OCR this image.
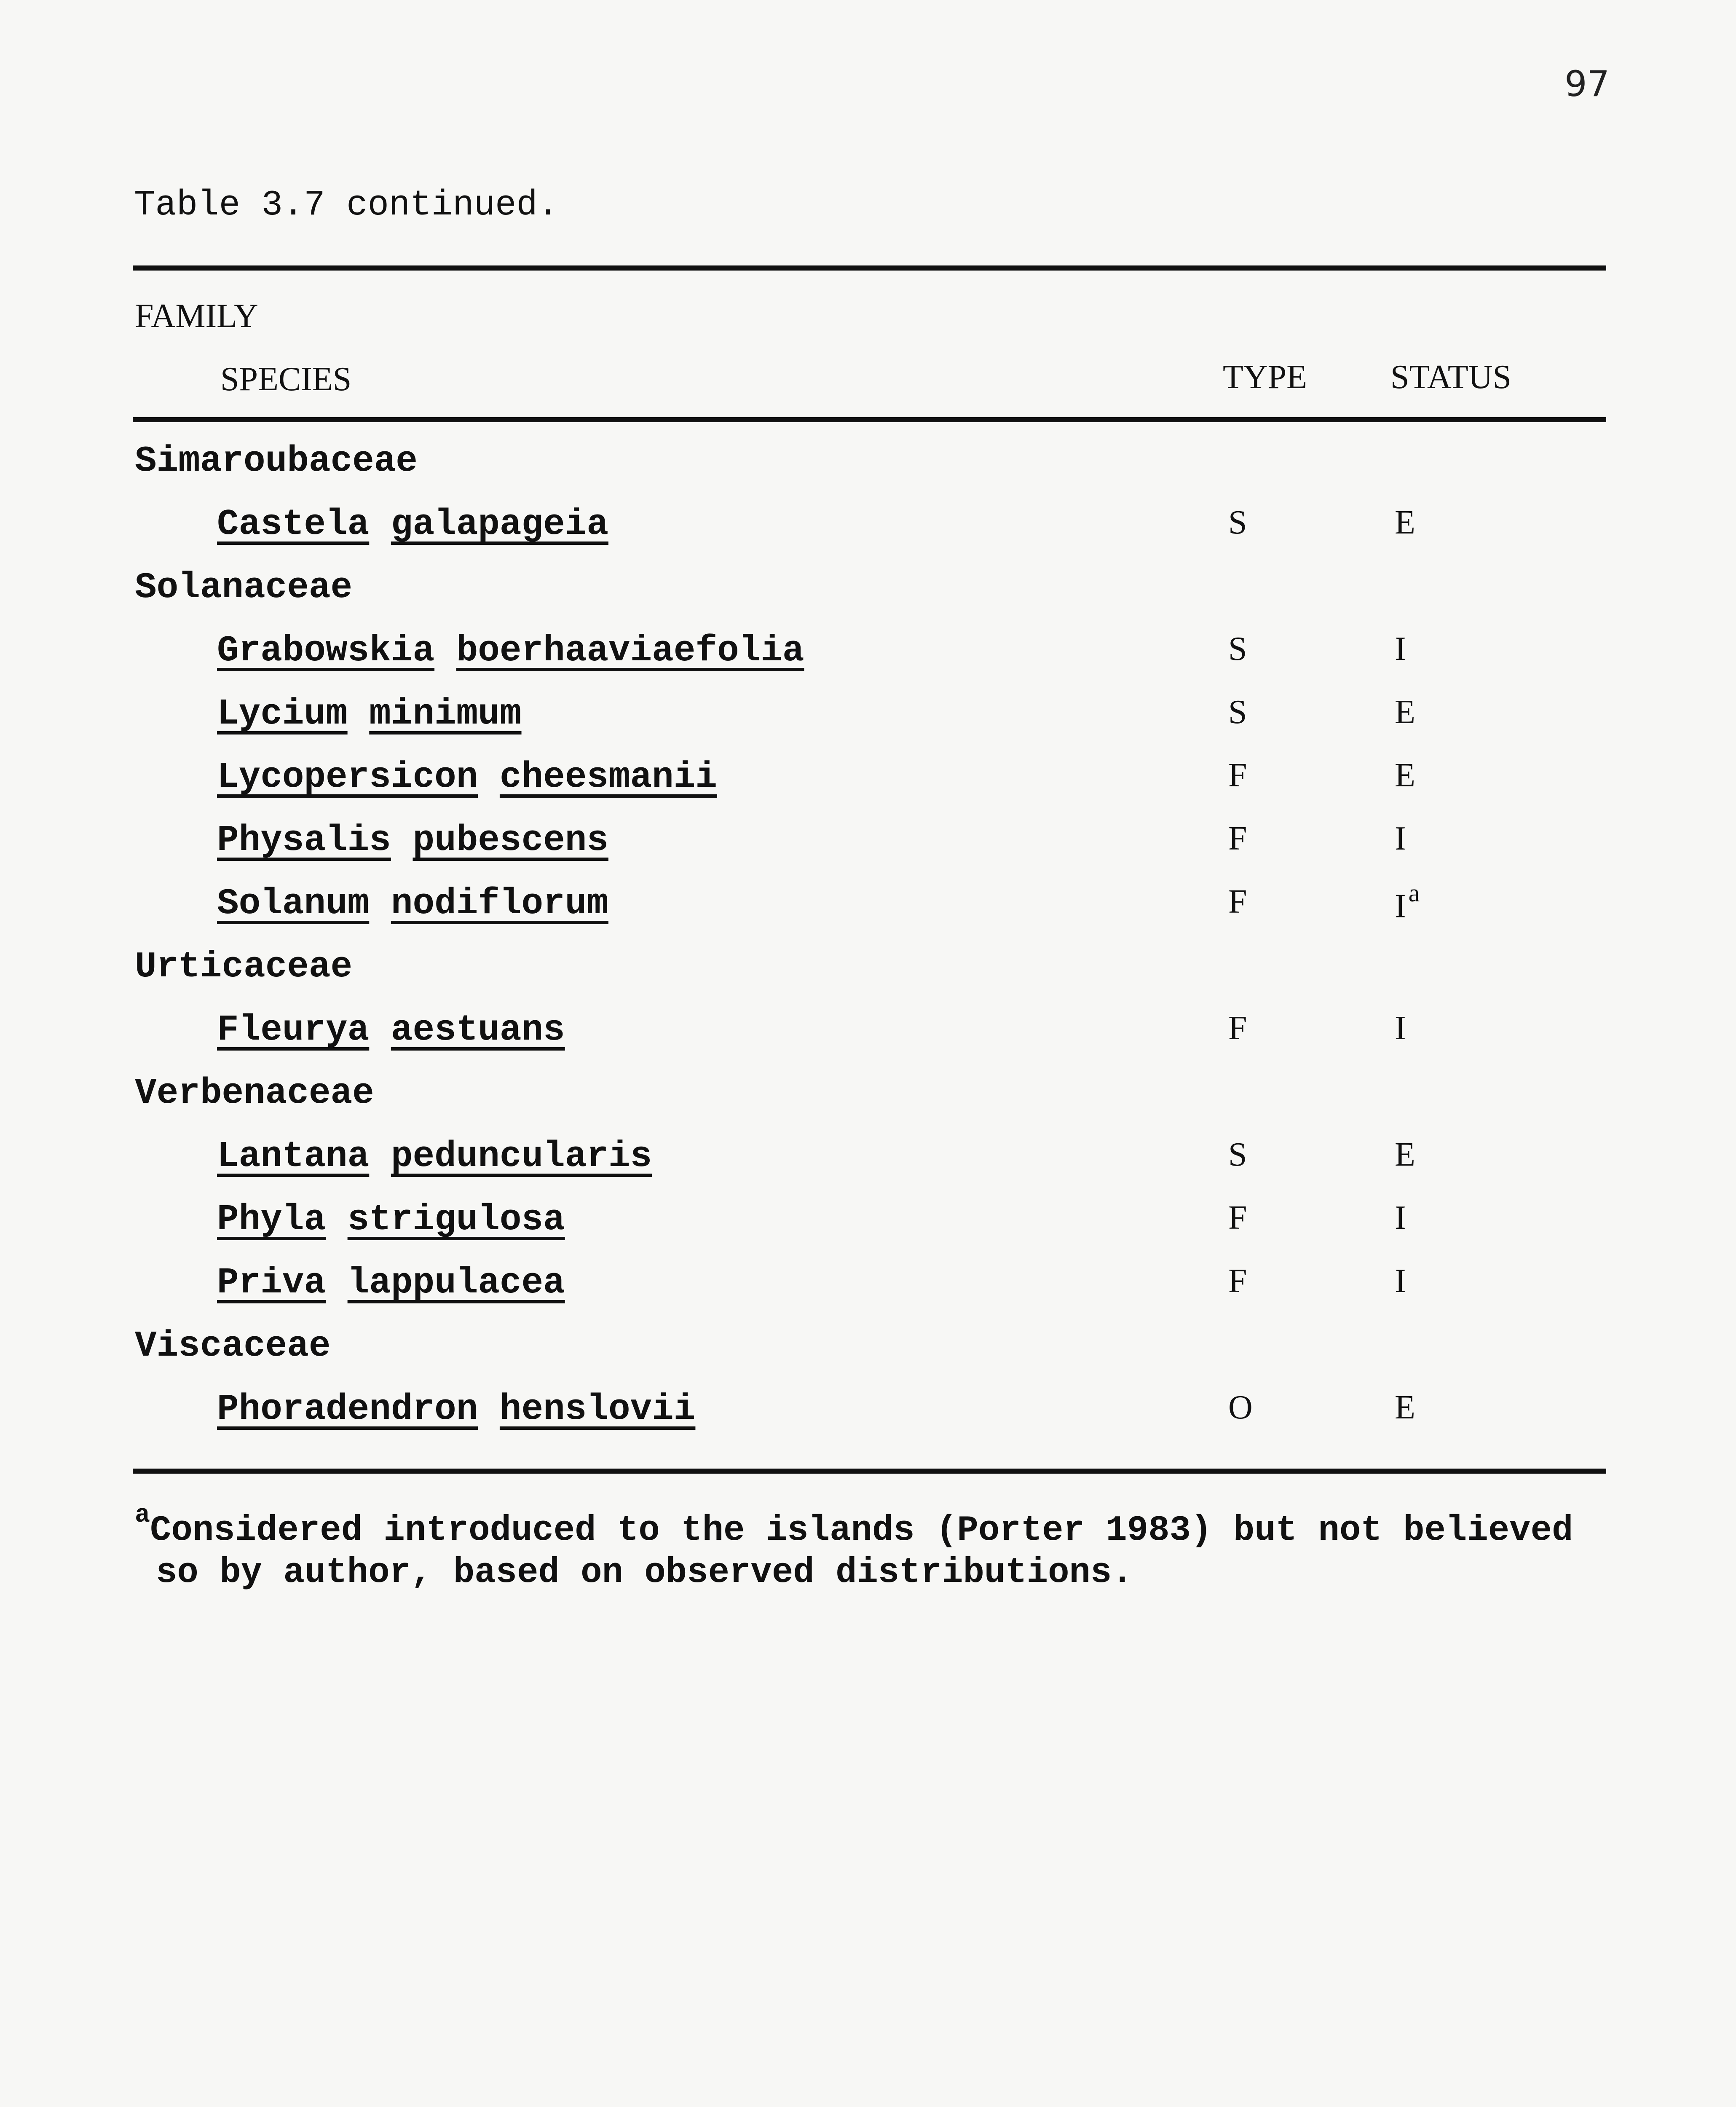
97
Table 3.7 continued.
FAMILY
SPECIES	TYPE STATUS
Simaroubaceae
Castela galapageia	S	E
Solanaceae
Grabowskia boerhaaviaefolia	S	I
Lycium minimum	S	E
Lycopersicon cheesmanii	F	E
Physalis pubescens	F	I
Solanum nodiflorum	F	I $^a$
Urticaceae
Fleurya aestuans	F	I
Verbenaceae
Lantana peduncularis	S	E
Phyla strigulosa	F	I
Priva lappulacea	F	I
Viscaceae
Phoradendron henslovii	O	E
$^a$Considered introduced to the islands (Porter 1983) but not believed
so by author, based on observed distributions.
